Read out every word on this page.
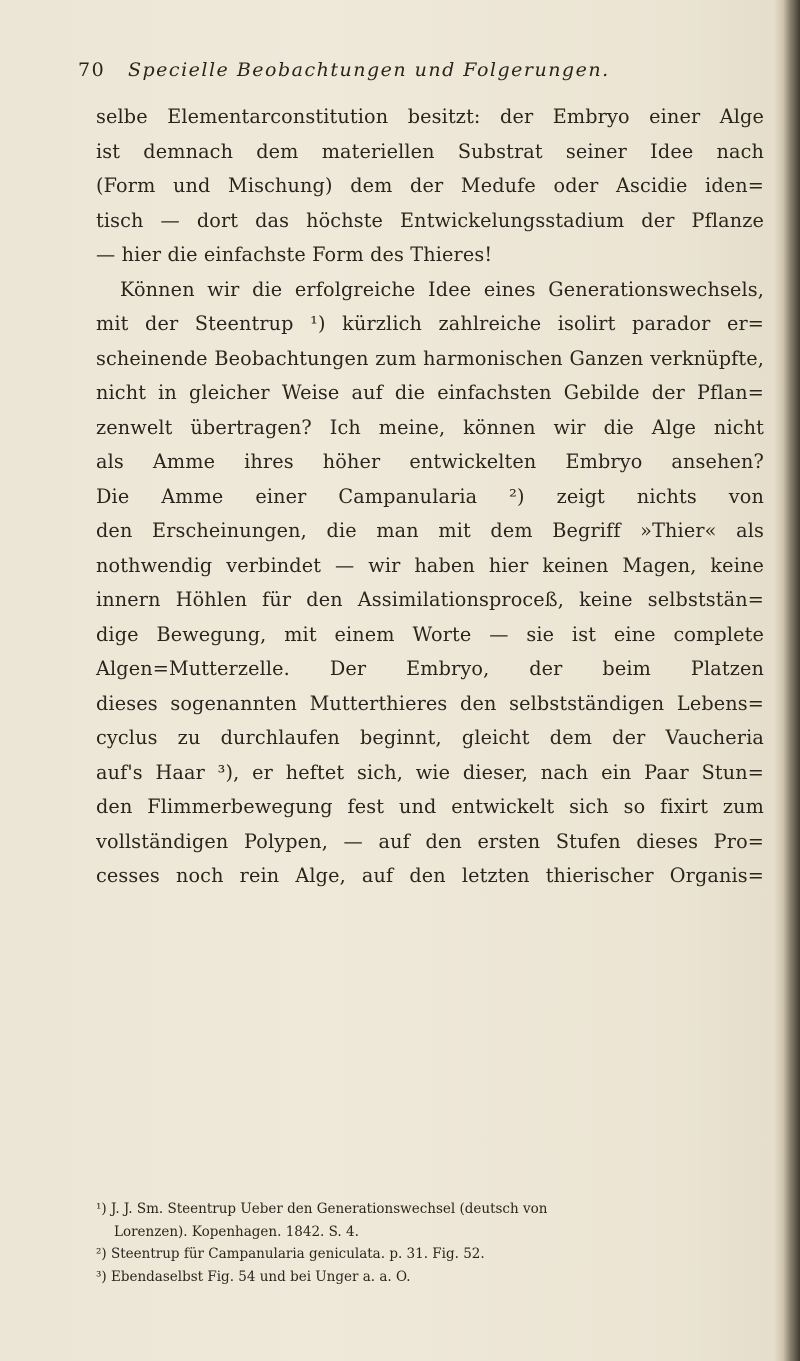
70 Specielle Beobachtungen und Folgerungen.
selbe Elementarconstitution besitzt: der Embryo einer Alge
ist demnach dem materiellen Substrat seiner Idee nach
(Form und Mischung) dem der Medufe oder Ascidie iden=
tisch — dort das höchste Entwickelungsstadium der Pflanze
— hier die einfachste Form des Thieres!
Können wir die erfolgreiche Idee eines Generationswechsels,
mit der Steentrup ¹) kürzlich zahlreiche isolirt parador er=
scheinende Beobachtungen zum harmonischen Ganzen verknüpfte,
nicht in gleicher Weise auf die einfachsten Gebilde der Pflan=
zenwelt übertragen? Ich meine, können wir die Alge nicht
als Amme ihres höher entwickelten Embryo ansehen?
Die Amme einer Campanularia ²) zeigt nichts von
den Erscheinungen, die man mit dem Begriff »Thier« als
nothwendig verbindet — wir haben hier keinen Magen, keine
innern Höhlen für den Assimilationsproceß, keine selbststän=
dige Bewegung, mit einem Worte — sie ist eine complete
Algen=Mutterzelle. Der Embryo, der beim Platzen
dieses sogenannten Mutterthieres den selbstständigen Lebens=
cyclus zu durchlaufen beginnt, gleicht dem der Vaucheria
auf's Haar ³), er heftet sich, wie dieser, nach ein Paar Stun=
den Flimmerbewegung fest und entwickelt sich so fixirt zum
vollständigen Polypen, — auf den ersten Stufen dieses Pro=
cesses noch rein Alge, auf den letzten thierischer Organis=
¹) J. J. Sm. Steentrup Ueber den Generationswechsel (deutsch von
Lorenzen). Kopenhagen. 1842. S. 4.
²) Steentrup für Campanularia geniculata. p. 31. Fig. 52.
³) Ebendaselbst Fig. 54 und bei Unger a. a. O.
